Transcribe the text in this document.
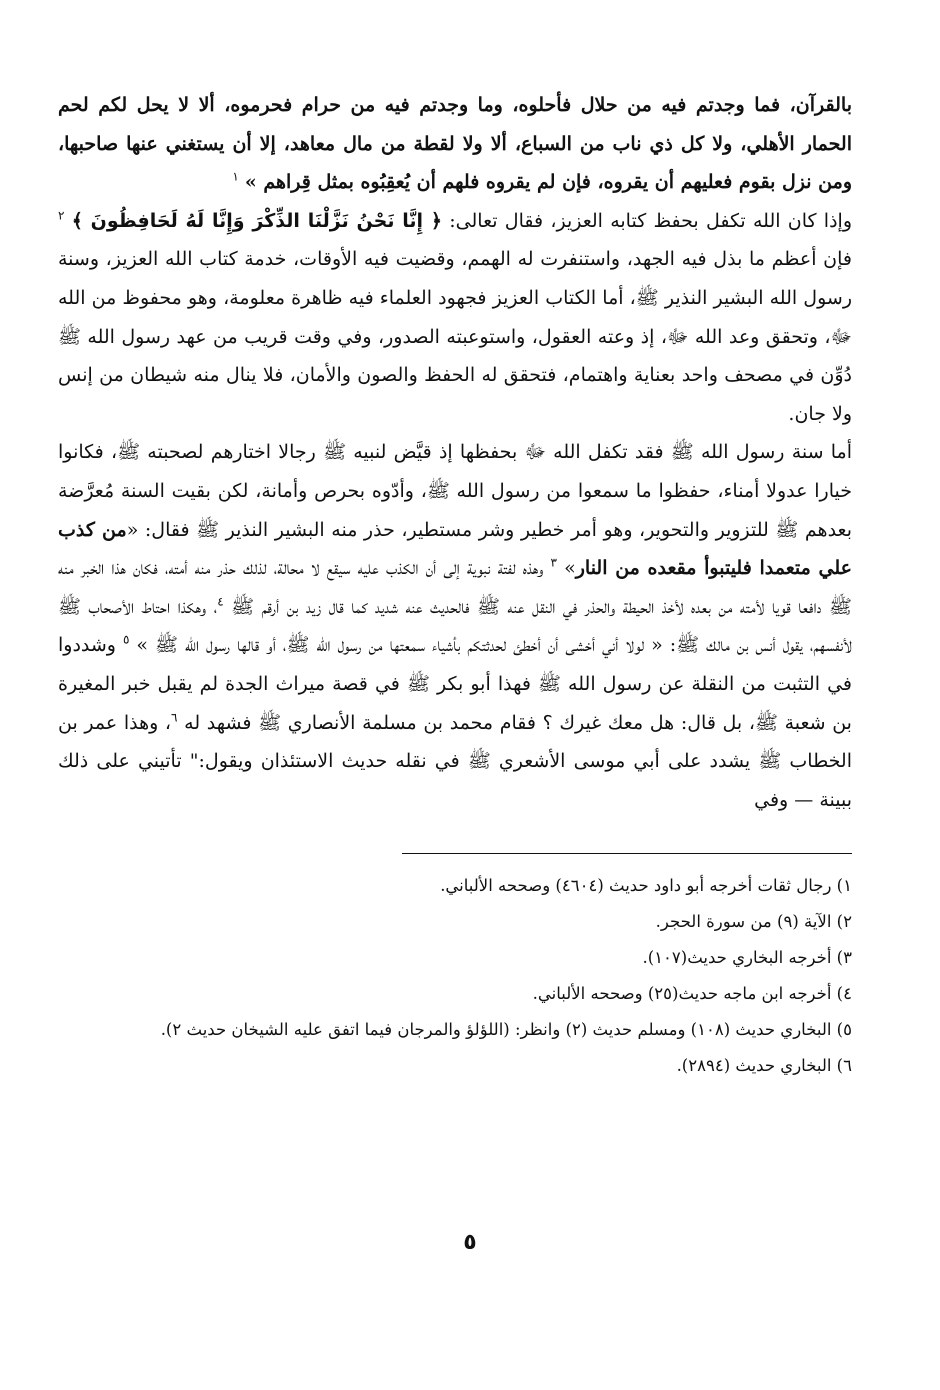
بالقرآن، فما وجدتم فيه من حلال فأحلوه، وما وجدتم فيه من حرام فحرموه، ألا لا يحل لكم لحم الحمار الأهلي، ولا كل ذي ناب من السباع، ألا ولا لقطة من مال معاهد، إلا أن يستغني عنها صاحبها، ومن نزل بقوم فعليهم أن يقروه، فإن لم يقروه فلهم أن يُعقِبُوه بمثل قِراهم » $^١$

وإذا كان الله تكفل بحفظ كتابه العزيز، فقال تعالى: ﴿ إِنَّا نَحْنُ نَزَّلْنَا الذِّكْرَ وَإِنَّا لَهُ لَحَافِظُونَ ﴾ $^٢$ فإن أعظم ما بذل فيه الجهد، واستنفرت له الهمم، وقضيت فيه الأوقات، خدمة كتاب الله العزيز، وسنة رسول الله البشير النذير ﷺ، أما الكتاب العزيز فجهود العلماء فيه ظاهرة معلومة، وهو محفوظ من الله ﷻ، وتحقق وعد الله ﷻ، إذ وعته العقول، واستوعبته الصدور، وفي وقت قريب من عهد رسول الله ﷺ دُوِّن في مصحف واحد بعناية واهتمام، فتحقق له الحفظ والصون والأمان، فلا ينال منه شيطان من إنس ولا جان.

أما سنة رسول الله ﷺ فقد تكفل الله ﷻ بحفظها إذ قيَّض لنبيه ﷺ رجالا اختارهم لصحبته ﷺ، فكانوا خيارا عدولا أمناء، حفظوا ما سمعوا من رسول الله ﷺ، وأدّوه بحرص وأمانة، لكن بقيت السنة مُعرَّضة بعدهم ﷺ للتزوير والتحوير، وهو أمر خطير وشر مستطير، حذر منه البشير النذير ﷺ فقال: «من كذب علي متعمدا فليتبوأ مقعده من النار» $^٣$ وهذه لفتة نبوية إلى أن الكذب عليه سيقع لا محالة، لذلك حذر منه أمته، فكان هذا الخبر منه ﷺ دافعا قويا لأمته من بعده لأخذ الحيطة والحذر في النقل عنه ﷺ فالحديث عنه شديد كما قال زيد بن أرقم ﷺ $^٤$، وهكذا احتاط الأصحاب ﷺ لأنفسهم، يقول أنس بن مالك ﷺ: « لولا أني أخشى أن أخطئ لحدثتكم بأشياء سمعتها من رسول الله ﷺ، أو قالها رسول الله ﷺ » $^٥$ وشددوا في التثبت من النقلة عن رسول الله ﷺ فهذا أبو بكر ﷺ في قصة ميراث الجدة لم يقبل خبر المغيرة بن شعبة ﷺ، بل قال: هل معك غيرك ؟ فقام محمد بن مسلمة الأنصاري ﷺ فشهد له $^٦$، وهذا عمر بن الخطاب ﷺ يشدد على أبي موسى الأشعري ﷺ في نقله حديث الاستئذان ويقول:" تأتيني على ذلك ببينة — وفي

١) رجال ثقات أخرجه أبو داود حديث (٤٦٠٤) وصححه الألباني.
٢) الآية (٩) من سورة الحجر.
٣) أخرجه البخاري حديث(١٠٧).
٤) أخرجه ابن ماجه حديث(٢٥) وصححه الألباني.
٥) البخاري حديث (١٠٨) ومسلم حديث (٢) وانظر: (اللؤلؤ والمرجان فيما اتفق عليه الشيخان حديث ٢).
٦) البخاري حديث (٢٨٩٤).
٥
